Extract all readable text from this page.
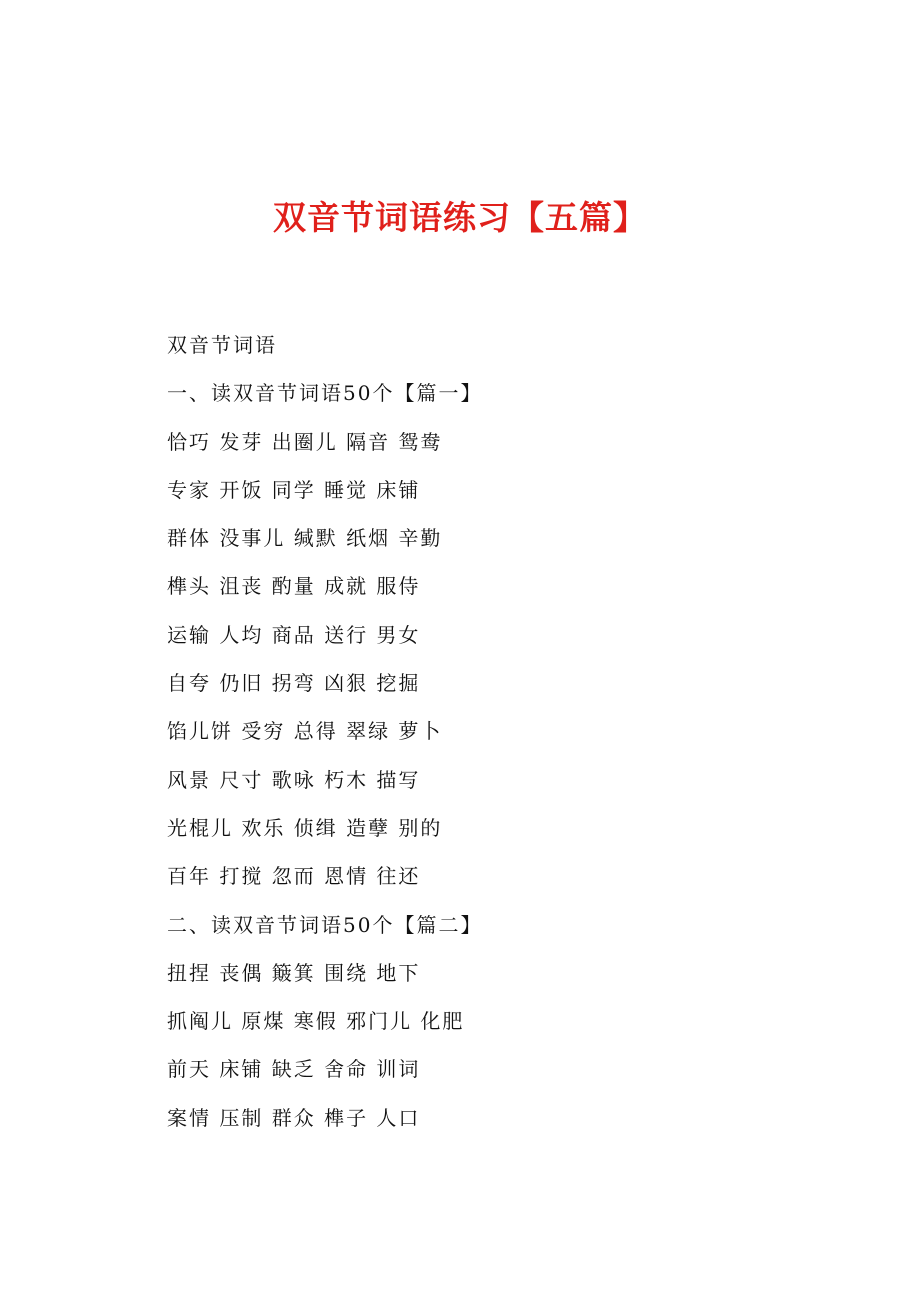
双音节词语练习【五篇】
双音节词语
一、读双音节词语50个【篇一】
恰巧 发芽 出圈儿 隔音 鸳鸯
专家 开饭 同学 睡觉 床铺
群体 没事儿 缄默 纸烟 辛勤
榫头 沮丧 酌量 成就 服侍
运输 人均 商品 送行 男女
自夸 仍旧 拐弯 凶狠 挖掘
馅儿饼 受穷 总得 翠绿 萝卜
风景 尺寸 歌咏 朽木 描写
光棍儿 欢乐 侦缉 造孽 别的
百年 打搅 忽而 恩情 往还
二、读双音节词语50个【篇二】
扭捏 丧偶 簸箕 围绕 地下
抓阄儿 原煤 寒假 邪门儿 化肥
前天 床铺 缺乏 舍命 训词
案情 压制 群众 榫子 人口
